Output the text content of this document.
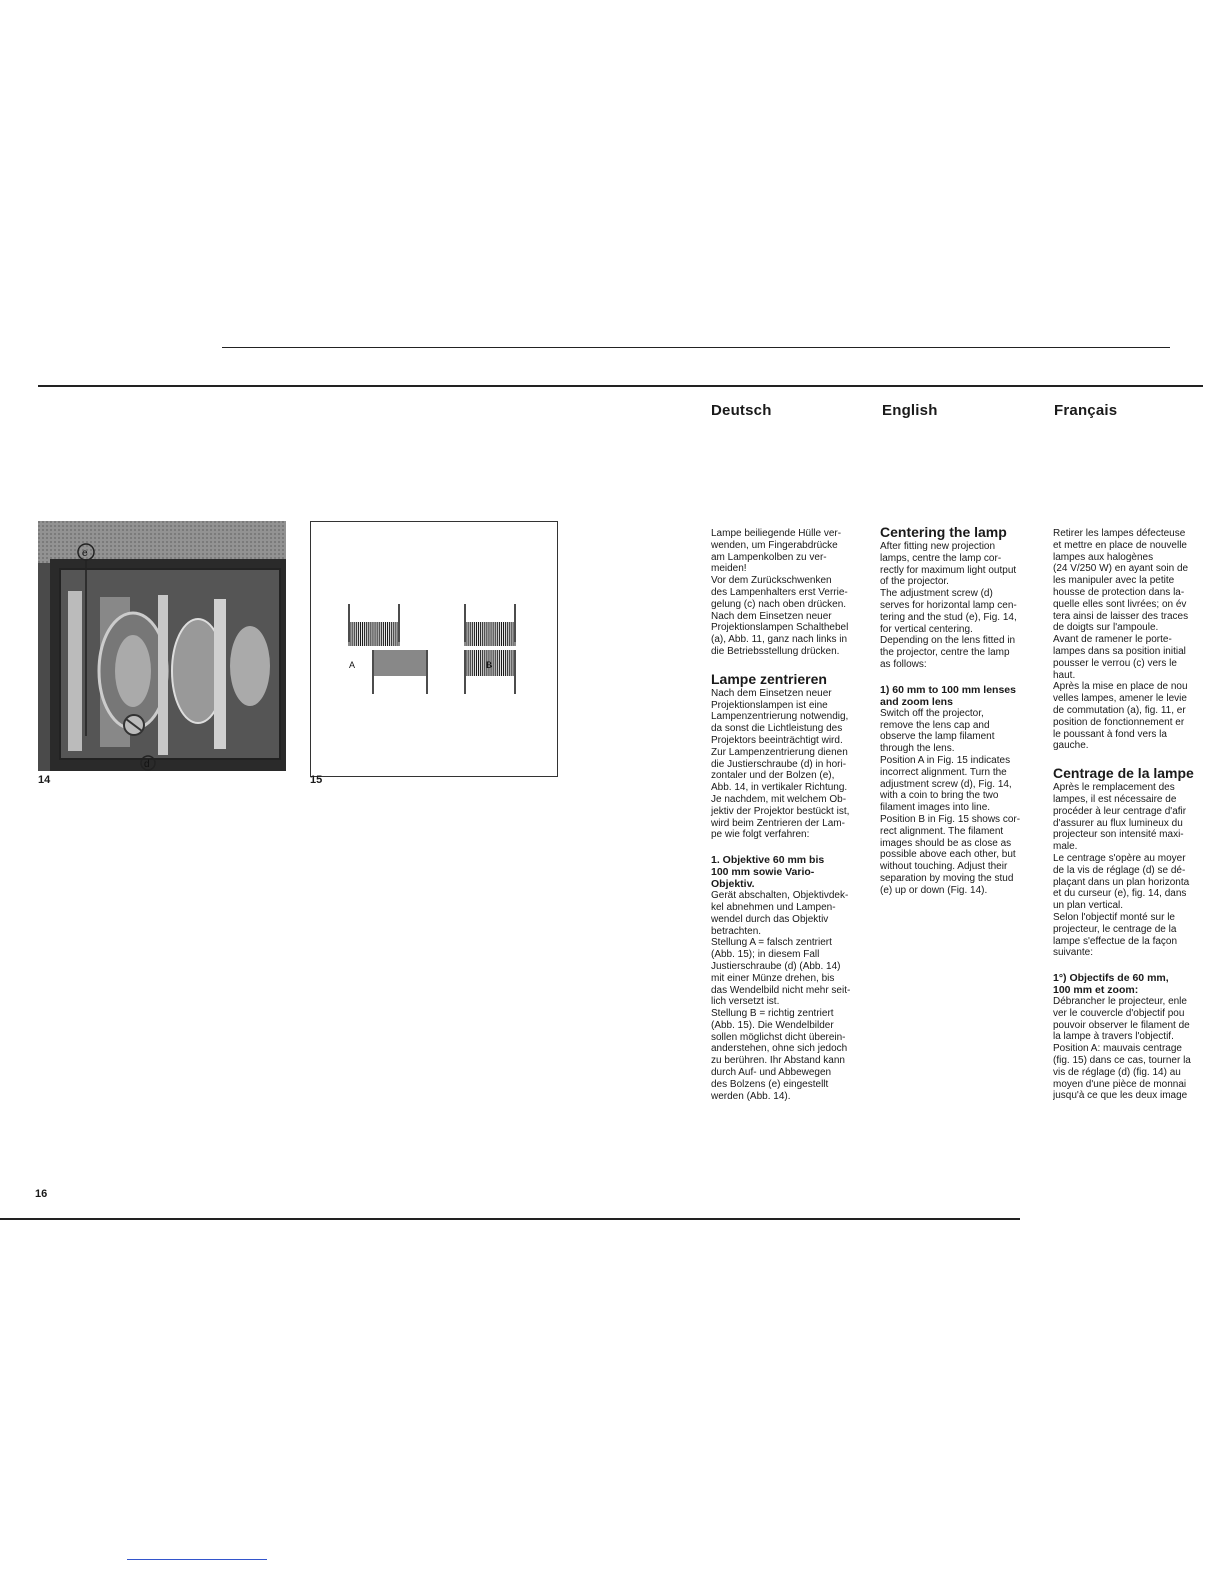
Deutsch	English	Français
e
d
14
A	B
15

Lampe beiliegende Hülle ver-

wenden, um Fingerabdrücke

am Lampenkolben zu ver-

meiden!

Vor dem Zurückschwenken

des Lampenhalters erst Verrie-

gelung (c) nach oben drücken.

Nach dem Einsetzen neuer

Projektionslampen Schalthebel

(a), Abb. 11, ganz nach links in

die Betriebsstellung drücken.

Lampe zentrieren

Nach dem Einsetzen neuer

Projektionslampen ist eine

Lampenzentrierung notwendig,

da sonst die Lichtleistung des

Projektors beeinträchtigt wird.

Zur Lampenzentrierung dienen

die Justierschraube (d) in hori-

zontaler und der Bolzen (e),

Abb. 14, in vertikaler Richtung.

Je nachdem, mit welchem Ob-

jektiv der Projektor bestückt ist,

wird beim Zentrieren der Lam-

pe wie folgt verfahren:

1. Objektive 60 mm bis
100 mm sowie Vario-
Objektiv.

Gerät abschalten, Objektivdek-

kel abnehmen und Lampen-

wendel durch das Objektiv

betrachten.

Stellung A = falsch zentriert

(Abb. 15); in diesem Fall

Justierschraube (d) (Abb. 14)

mit einer Münze drehen, bis

das Wendelbild nicht mehr seit-

lich versetzt ist.

Stellung B = richtig zentriert

(Abb. 15). Die Wendelbilder

sollen möglichst dicht überein-

anderstehen, ohne sich jedoch

zu berühren. Ihr Abstand kann

durch Auf- und Abbewegen

des Bolzens (e) eingestellt

werden (Abb. 14).

Centering the lamp

After fitting new projection

lamps, centre the lamp cor-

rectly for maximum light output

of the projector.

The adjustment screw (d)

serves for horizontal lamp cen-

tering and the stud (e), Fig. 14,

for vertical centering.

Depending on the lens fitted in

the projector, centre the lamp

as follows:

1) 60 mm to 100 mm lenses
and zoom lens

Switch off the projector,

remove the lens cap and

observe the lamp filament

through the lens.

Position A in Fig. 15 indicates

incorrect alignment. Turn the

adjustment screw (d), Fig. 14,

with a coin to bring the two

filament images into line.

Position B in Fig. 15 shows cor-

rect alignment. The filament

images should be as close as

possible above each other, but

without touching. Adjust their

separation by moving the stud

(e) up or down (Fig. 14).

Retirer les lampes défecteuse

et mettre en place de nouvelle

lampes aux halogènes

(24 V/250 W) en ayant soin de

les manipuler avec la petite

housse de protection dans la-

quelle elles sont livrées; on év

tera ainsi de laisser des traces

de doigts sur l'ampoule.

Avant de ramener le porte-

lampes dans sa position initial

pousser le verrou (c) vers le

haut.

Après la mise en place de nou

velles lampes, amener le levie

de commutation (a), fig. 11, er

position de fonctionnement er

le poussant à fond vers la

gauche.

Centrage de la lampe

Après le remplacement des

lampes, il est nécessaire de

procéder à leur centrage d'afir

d'assurer au flux lumineux du

projecteur son intensité maxi-

male.

Le centrage s'opère au moyer

de la vis de réglage (d) se dé-

plaçant dans un plan horizonta

et du curseur (e), fig. 14, dans

un plan vertical.

Selon l'objectif monté sur le

projecteur, le centrage de la

lampe s'effectue de la façon

suivante:

1°) Objectifs de 60 mm,
100 mm et zoom:

Débrancher le projecteur, enle

ver le couvercle d'objectif pou

pouvoir observer le filament de

la lampe à travers l'objectif.

Position A: mauvais centrage

(fig. 15) dans ce cas, tourner la

vis de réglage (d) (fig. 14) au

moyen d'une pièce de monnai

jusqu'à ce que les deux image

16
